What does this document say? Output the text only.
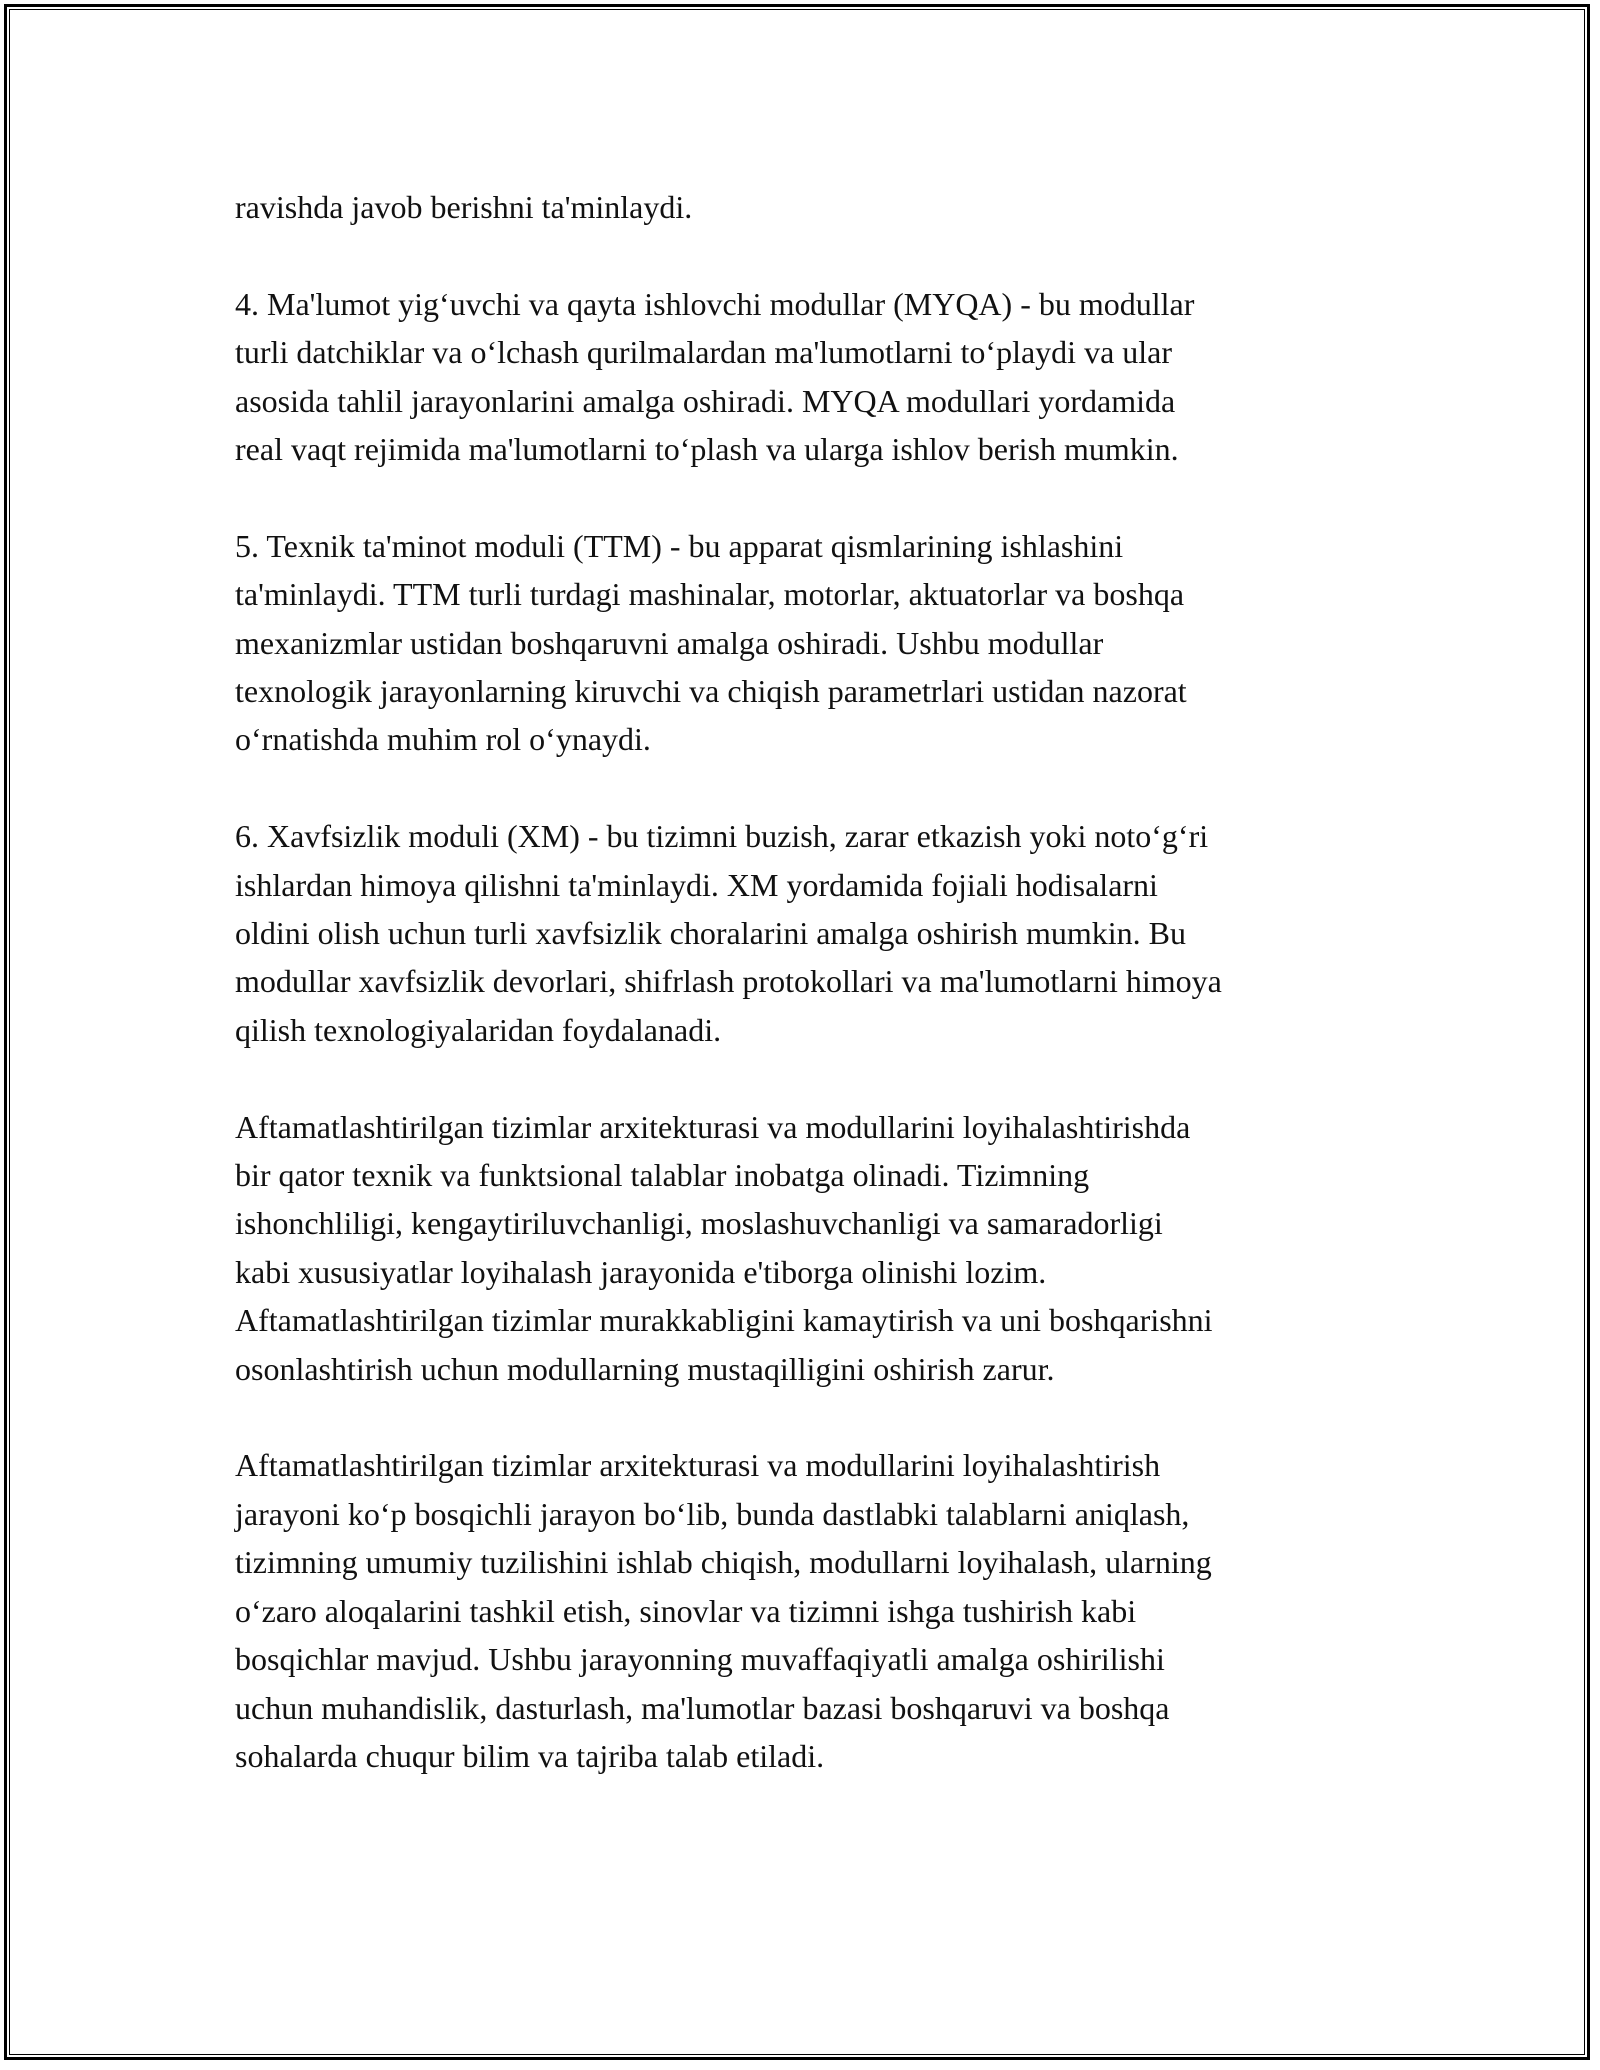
ravishda javob berishni ta'minlaydi.
4. Ma'lumot yig‘uvchi va qayta ishlovchi modullar (MYQA) - bu modullar
turli datchiklar va o‘lchash qurilmalardan ma'lumotlarni to‘playdi va ular
asosida tahlil jarayonlarini amalga oshiradi. MYQA modullari yordamida
real vaqt rejimida ma'lumotlarni to‘plash va ularga ishlov berish mumkin.
5. Texnik ta'minot moduli (TTM) - bu apparat qismlarining ishlashini
ta'minlaydi. TTM turli turdagi mashinalar, motorlar, aktuatorlar va boshqa
mexanizmlar ustidan boshqaruvni amalga oshiradi. Ushbu modullar
texnologik jarayonlarning kiruvchi va chiqish parametrlari ustidan nazorat
o‘rnatishda muhim rol o‘ynaydi.
6. Xavfsizlik moduli (XM) - bu tizimni buzish, zarar etkazish yoki noto‘g‘ri
ishlardan himoya qilishni ta'minlaydi. XM yordamida fojiali hodisalarni
oldini olish uchun turli xavfsizlik choralarini amalga oshirish mumkin. Bu
modullar xavfsizlik devorlari, shifrlash protokollari va ma'lumotlarni himoya
qilish texnologiyalaridan foydalanadi.
Aftamatlashtirilgan tizimlar arxitekturasi va modullarini loyihalashtirishda
bir qator texnik va funktsional talablar inobatga olinadi. Tizimning
ishonchliligi, kengaytiriluvchanligi, moslashuvchanligi va samaradorligi
kabi xususiyatlar loyihalash jarayonida e'tiborga olinishi lozim.
Aftamatlashtirilgan tizimlar murakkabligini kamaytirish va uni boshqarishni
osonlashtirish uchun modullarning mustaqilligini oshirish zarur.
Aftamatlashtirilgan tizimlar arxitekturasi va modullarini loyihalashtirish
jarayoni ko‘p bosqichli jarayon bo‘lib, bunda dastlabki talablarni aniqlash,
tizimning umumiy tuzilishini ishlab chiqish, modullarni loyihalash, ularning
o‘zaro aloqalarini tashkil etish, sinovlar va tizimni ishga tushirish kabi
bosqichlar mavjud. Ushbu jarayonning muvaffaqiyatli amalga oshirilishi
uchun muhandislik, dasturlash, ma'lumotlar bazasi boshqaruvi va boshqa
sohalarda chuqur bilim va tajriba talab etiladi.
